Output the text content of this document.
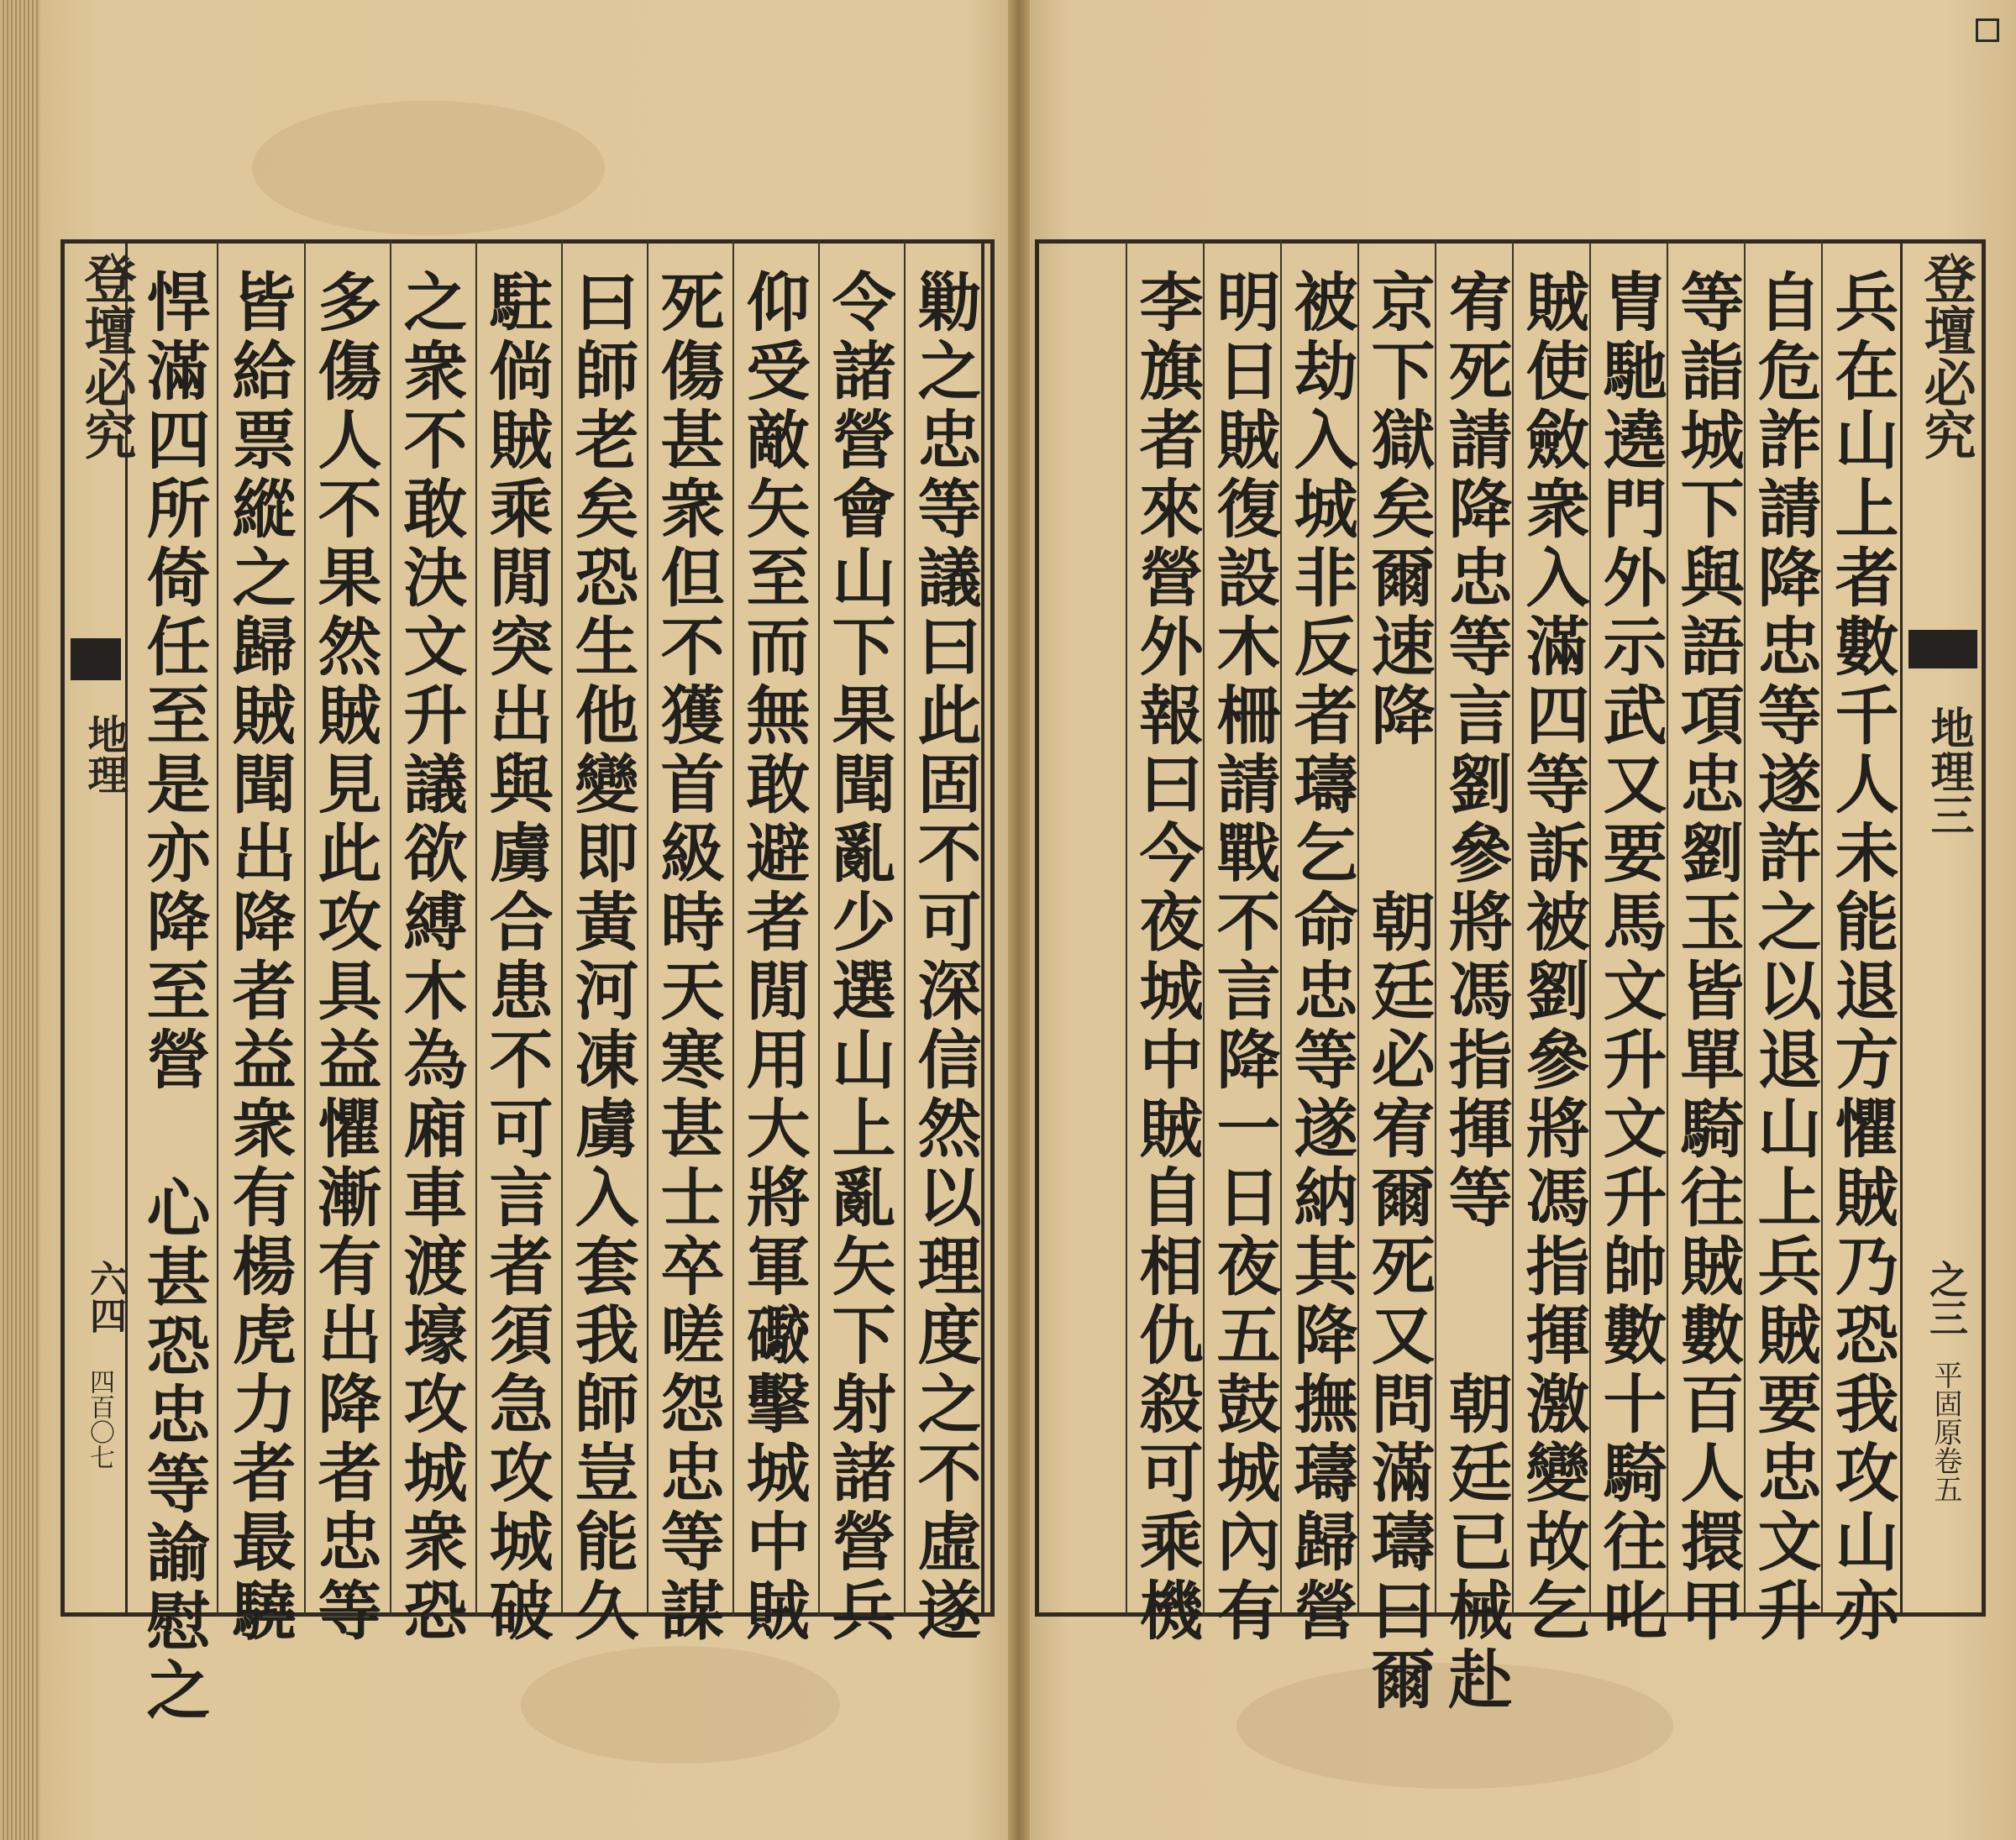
登壇必究
地理
六四
四百〇七	勦之忠等議曰此固不可深信然以理度之不虛遂
令諸營會山下果聞亂少選山上亂矢下射諸營兵
仰受敵矢至而無敢避者閒用大將軍礮擊城中賊
死傷甚衆但不獲首級時天寒甚士卒嗟怨忠等謀
曰師老矣恐生他變即黃河凍虜入套我師豈能久
駐倘賊乘閒突出與虜合患不可言者須急攻城破
之衆不敢決文升議欲縛木為廂車渡壕攻城衆恐
多傷人不果然賊見此攻具益懼漸有出降者忠等
皆給票縱之歸賊聞出降者益衆有楊虎力者最驍
悍滿四所倚任至是亦降至營 心甚恐忠等諭慰之	登壇必究
地理三
之三
平固原卷五
兵在山上者數千人未能退方懼賊乃恐我攻山亦
自危詐請降忠等遂許之以退山上兵賊要忠文升
等詣城下與語項忠劉玉皆單騎往賊數百人擐甲
胄馳遶門外示武又要馬文升文升帥數十騎往叱
賊使斂衆入滿四等訴被劉參將馮指揮激變故乞
宥死請降忠等言劉參將馮指揮等　　朝廷已械赴
京下獄矣爾速降　　朝廷必宥爾死又問滿璹曰爾
被劫入城非反者璹乞命忠等遂納其降撫璹歸營
明日賊復設木柵請戰不言降一日夜五鼓城內有
李旗者來營外報曰今夜城中賊自相仇殺可乘機
